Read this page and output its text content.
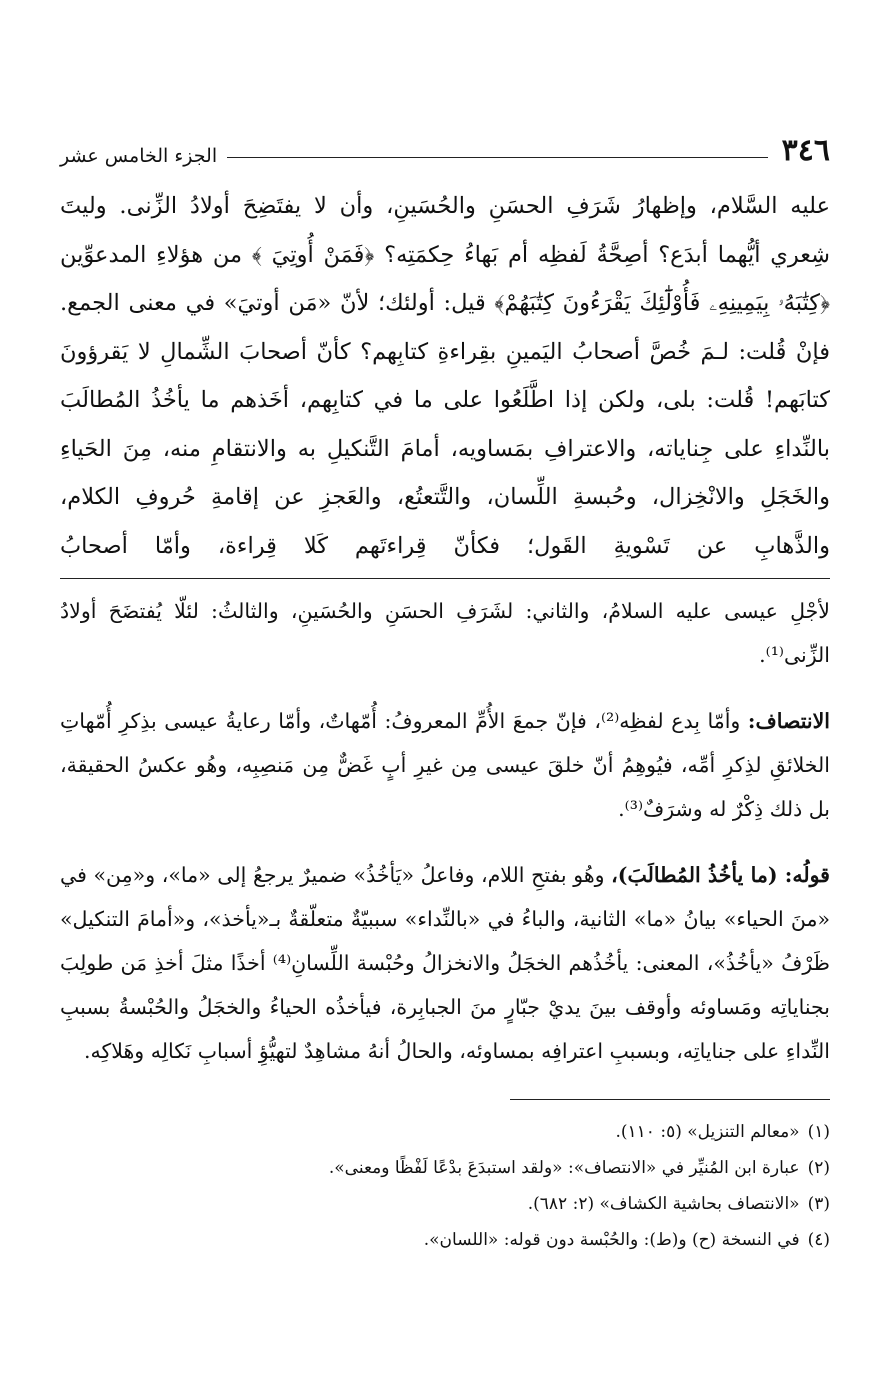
٣٤٦
الجزء الخامس عشر

عليه السَّلام، وإظهارُ شَرَفِ الحسَنِ والحُسَينِ، وأن لا يفتَضِحَ أولادُ الزِّنى. وليتَ شِعري أيُّهما أبدَع؟ أصِحَّةُ لَفظِه أم بَهاءُ حِكمَتِه؟ ﴿فَمَنْ أُوتِيَ ﴾ من هؤلاءِ المدعوِّين ﴿كِتَٰبَهُۥ بِيَمِينِهِۦ فَأُوْلَٰٓئِكَ يَقْرَءُونَ كِتَٰبَهُمْ﴾ قيل: أولئك؛ لأنّ «مَن أوتيَ» في معنى الجمع. فإنْ قُلت: لـمَ خُصَّ أصحابُ اليَمينِ بقِراءةِ كتابِهم؟ كأنّ أصحابَ الشِّمالِ لا يَقرؤونَ كتابَهم! قُلت: بلى، ولكن إذا اطَّلَعُوا على ما في كتابِهم، أخَذهم ما يأخُذُ المُطالَبَ بالنِّداءِ على جِناياته، والاعترافِ بمَساويه، أمامَ التَّنكيلِ به والانتقامِ منه، مِنَ الحَياءِ والخَجَلِ والانْخِزال، وحُبسةِ اللِّسان، والتَّتعتُع، والعَجزِ عن إقامةِ حُروفِ الكلام، والذَّهابِ عن تَسْويةِ القَول؛ فكأنّ قِراءتَهم كَلا قِراءة، وأمّا أصحابُ

لأجْلِ عيسى عليه السلامُ، والثاني: لشَرَفِ الحسَنِ والحُسَينِ، والثالثُ: لئلّا يُفتضَحَ أولادُ الزِّنى⁽¹⁾.

الانتصاف: وأمّا بِدع لفظِه⁽²⁾، فإنّ جمعَ الأُمِّ المعروفُ: أُمّهاتٌ، وأمّا رعايةُ عيسى بذِكرِ أُمّهاتِ الخلائقِ لذِكرِ أمِّه، فيُوهِمُ أنّ خلقَ عيسى مِن غيرِ أبٍ غَضٌّ مِن مَنصِبِه، وهُو عكسُ الحقيقة، بل ذلك ذِكْرٌ له وشرَفٌ⁽³⁾.

قولُه: (ما يأخُذُ المُطالَبَ)، وهُو بفتحِ اللام، وفاعلُ «يَأخُذُ» ضميرٌ يرجعُ إلى «ما»، و«مِن» في «منَ الحياء» بيانُ «ما» الثانية، والباءُ في «بالنِّداء» سببيّةٌ متعلّقةٌ بـ«يأخذ»، و«أمامَ التنكيل» ظَرْفُ «يأخُذُ»، المعنى: يأخُذُهم الخجَلُ والانخزالُ وحُبْسة اللِّسانِ⁽⁴⁾ أخذًا مثلَ أخذِ مَن طولِبَ بجناياتِه ومَساوئه وأوقف بينَ يديْ جبّارٍ منَ الجبابِرة، فيأخذُه الحياءُ والخجَلُ والحُبْسةُ بسببِ النِّداءِ على جناياتِه، وبسببِ اعترافِه بمساوئه، والحالُ أنهُ مشاهِدٌ لتهيُّؤِ أسبابِ نَكالِه وهَلاكِه.

(١)
«معالم التنزيل» (٥: ١١٠).
(٢)
عبارة ابن المُنيِّر في «الانتصاف»: «ولقد استبدَعَ بدْعًا لَفْظًا ومعنى».
(٣)
«الانتصاف بحاشية الكشاف» (٢: ٦٨٢).
(٤)
في النسخة (ح) و(ط): والحُبْسة دون قوله: «اللسان».
